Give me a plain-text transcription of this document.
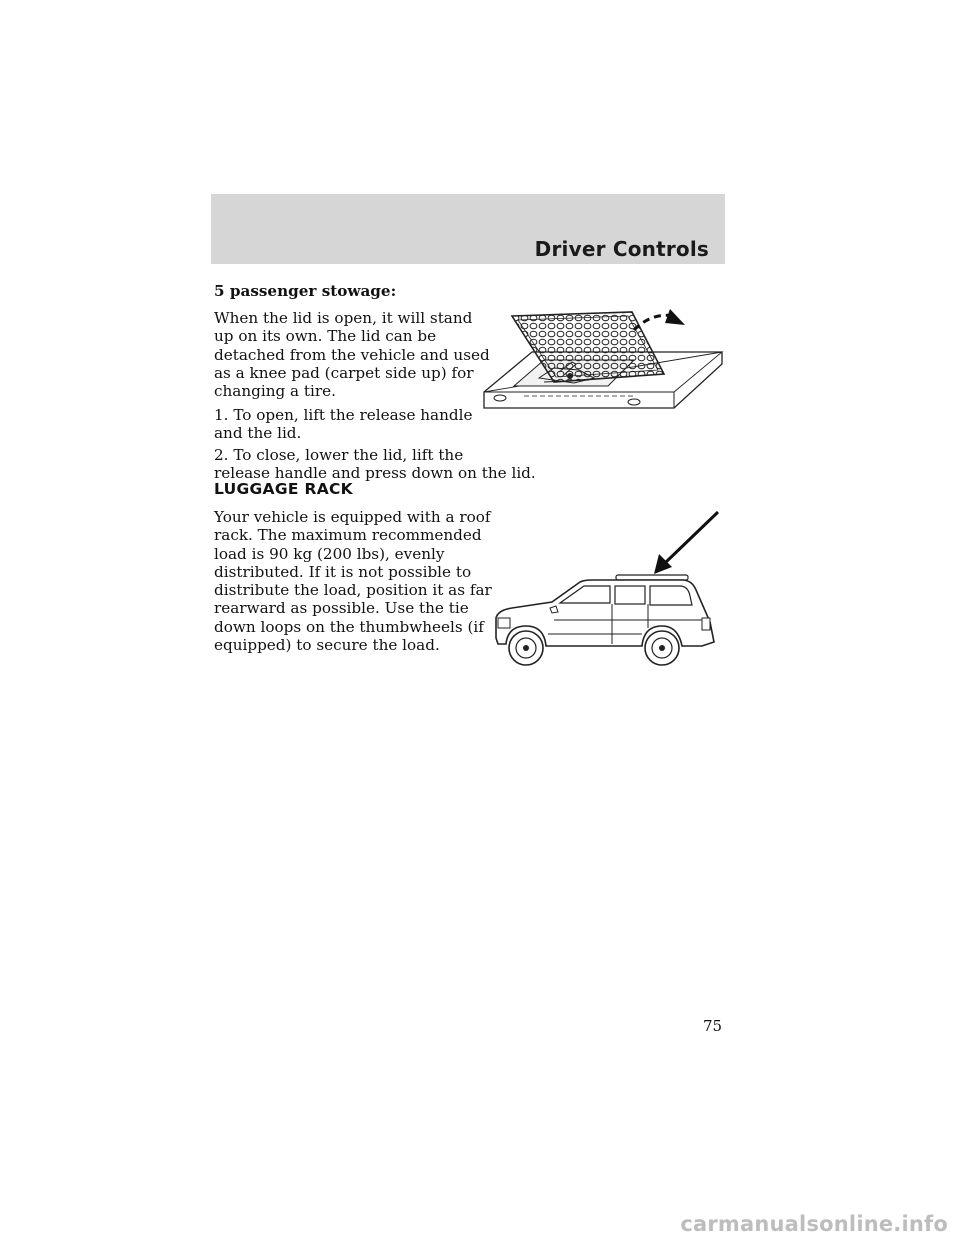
Driver Controls
5 passenger stowage:
When the lid is open, it will stand
up on its own. The lid can be
detached from the vehicle and used
as a knee pad (carpet side up) for
changing a tire.
1. To open, lift the release handle
and the lid.
2. To close, lower the lid, lift the
release handle and press down on the lid.
LUGGAGE RACK
Your vehicle is equipped with a roof
rack. The maximum recommended
load is 90 kg (200 lbs), evenly
distributed. If it is not possible to
distribute the load, position it as far
rearward as possible. Use the tie
down loops on the thumbwheels (if
equipped) to secure the load.
75
carmanualsonline.info
